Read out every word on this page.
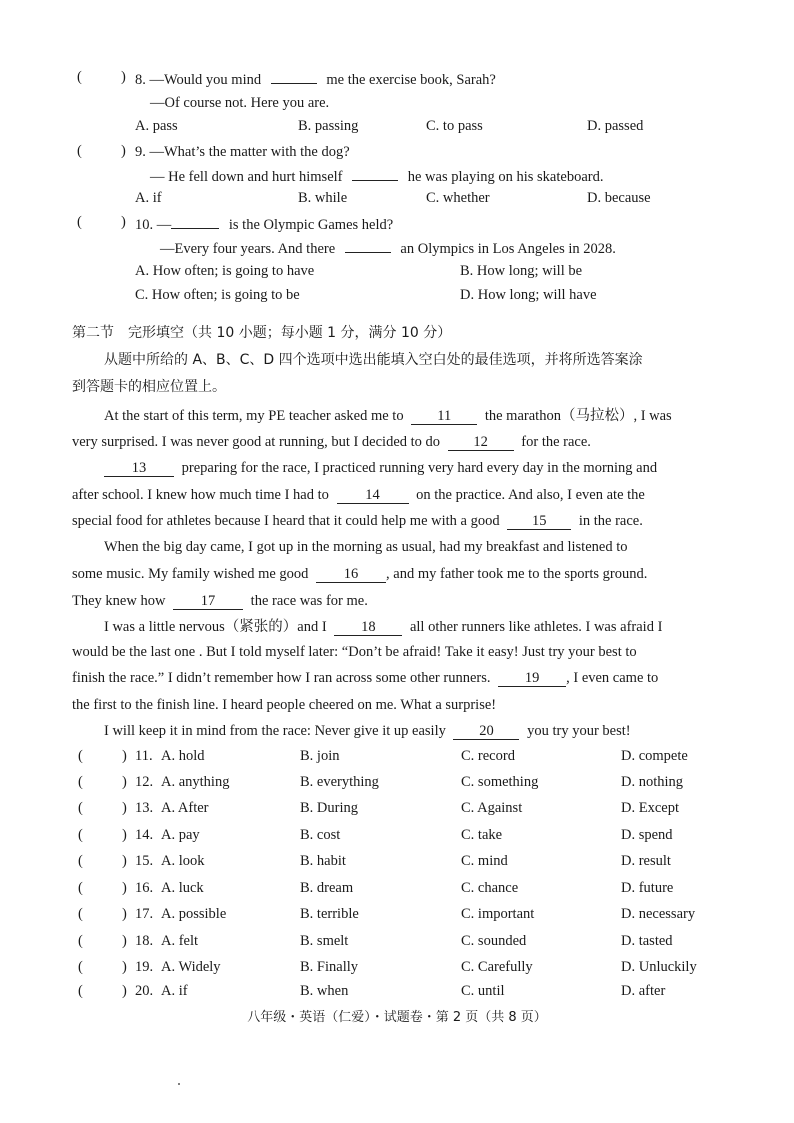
(	) 8. —Would you mind	me the exercise book, Sarah?
—Of course not. Here you are.
A. pass	B. passing	C. to pass	D. passed
(	) 9. —What’s the matter with the dog?
— He fell down and hurt himself	he was playing on his skateboard.
A. if	B. while	C. whether	D. because
(	) 10. —	is the Olympic Games held?
—Every four years. And there	an Olympics in Los Angeles in 2028.
A. How often; is going to have	B. How long; will be
C. How often; is going to be	D. How long; will have
第二节　完形填空（共 10 小题；每小题 1 分，满分 10 分）
从题中所给的 A、B、C、D 四个选项中选出能填入空白处的最佳选项，并将所选答案涂
到答题卡的相应位置上。
At the start of this term, my PE teacher asked me to 11 the marathon（马拉松）, I was
very surprised. I was never good at running, but I decided to do 12 for the race.
13 preparing for the race, I practiced running very hard every day in the morning and
after school. I knew how much time I had to	14	on the practice. And also, I even ate the
special food for athletes because I heard that it could help me with a good 15 in the race.
When the big day came, I got up in the morning as usual, had my breakfast and listened to
some music. My family wished me good 16 , and my father took me to the sports ground.
They knew how 17 the race was for me.
I was a little nervous（紧张的）and I 18 all other runners like athletes. I was afraid I
would be the last one . But I told myself later: “Don’t be afraid! Take it easy! Just try your best to
finish the race.” I didn’t remember how I ran across some other runners. 19 , I even came to
the first to the finish line. I heard people cheered on me. What a surprise!
I will keep it in mind from the race: Never give it up easily 20 you try your best!
(	) 11. A. hold	B. join	C. record	D. compete
(	) 12. A. anything	B. everything	C. something	D. nothing
(	) 13. A. After	B. During	C. Against	D. Except
(	) 14. A. pay	B. cost	C. take	D. spend
(	) 15. A. look	B. habit	C. mind	D. result
(	) 16. A. luck	B. dream	C. chance	D. future
(	) 17. A. possible	B. terrible	C. important	D. necessary
(	) 18. A. felt	B. smelt	C. sounded	D. tasted
(	) 19. A. Widely	B. Finally	C. Carefully	D. Unluckily
(	) 20. A. if	B. when	C. until	D. after
八年级・英语（仁爱）・试题卷・第 2 页（共 8 页）
